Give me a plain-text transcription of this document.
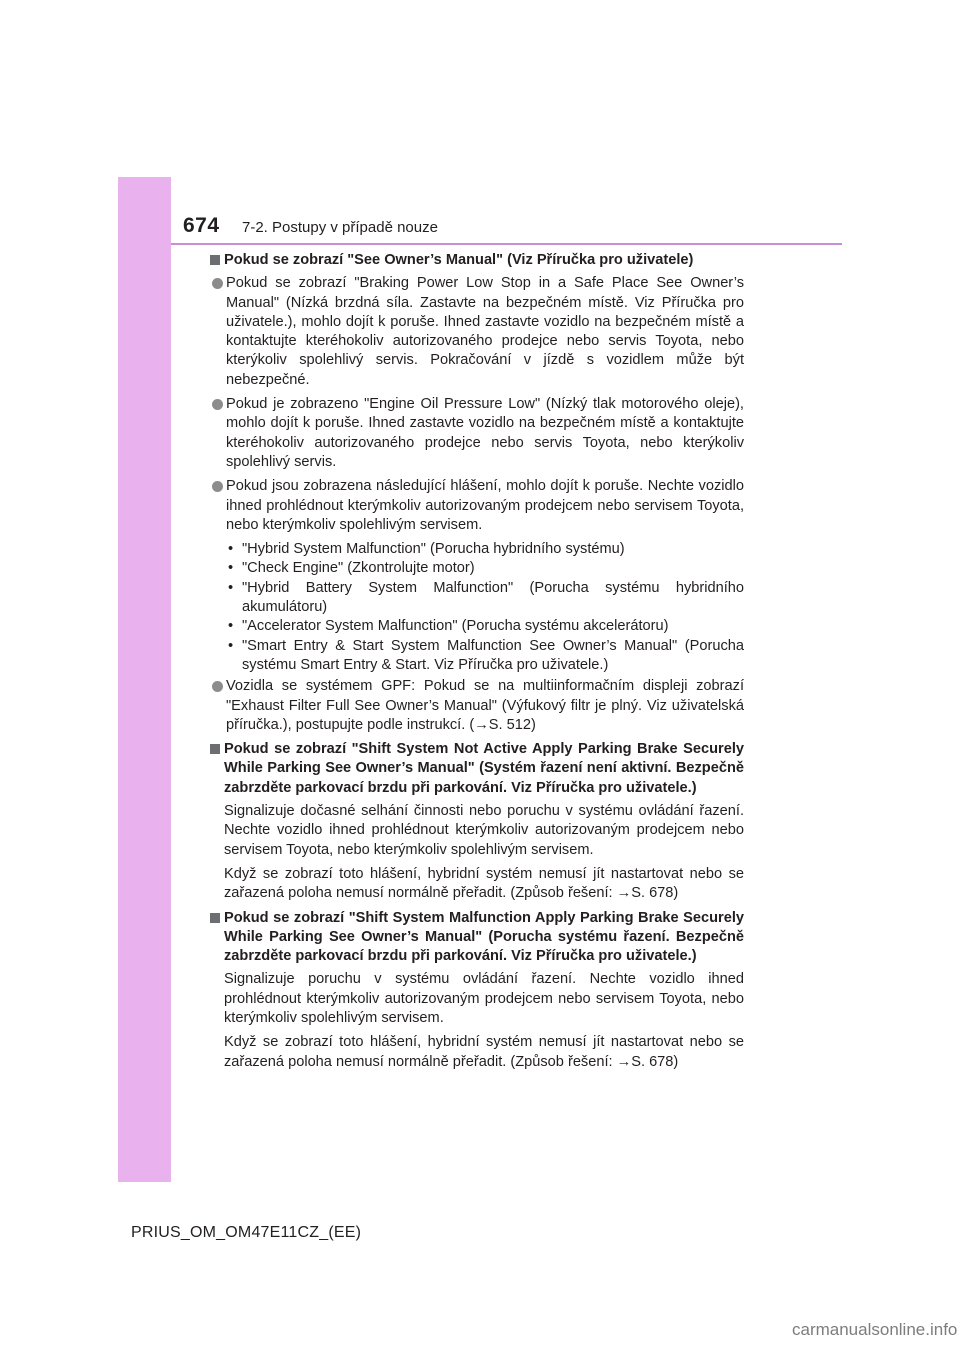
674 7-2. Postupy v případě nouze
Pokud se zobrazí "See Owner’s Manual" (Viz Příručka pro uživatele)
Pokud se zobrazí "Braking Power Low Stop in a Safe Place See Owner’s Manual" (Nízká brzdná síla. Zastavte na bezpečném místě. Viz Příručka pro uživatele.), mohlo dojít k poruše. Ihned zastavte vozidlo na bezpečném místě a kontaktujte kteréhokoliv autorizovaného prodejce nebo servis Toyota, nebo kterýkoliv spolehlivý servis. Pokračování v jízdě s vozidlem může být nebezpečné.
Pokud je zobrazeno "Engine Oil Pressure Low" (Nízký tlak motorového oleje), mohlo dojít k poruše. Ihned zastavte vozidlo na bezpečném místě a kontaktujte kteréhokoliv autorizovaného prodejce nebo servis Toyota, nebo kterýkoliv spolehlivý servis.
Pokud jsou zobrazena následující hlášení, mohlo dojít k poruše. Nechte vozidlo ihned prohlédnout kterýmkoliv autorizovaným prodejcem nebo servisem Toyota, nebo kterýmkoliv spolehlivým servisem.
• "Hybrid System Malfunction" (Porucha hybridního systému)
• "Check Engine" (Zkontrolujte motor)
• "Hybrid Battery System Malfunction" (Porucha systému hybridního akumulátoru)
• "Accelerator System Malfunction" (Porucha systému akcelerátoru)
• "Smart Entry & Start System Malfunction See Owner’s Manual" (Porucha systému Smart Entry & Start. Viz Příručka pro uživatele.)
Vozidla se systémem GPF: Pokud se na multiinformačním displeji zobrazí "Exhaust Filter Full See Owner’s Manual" (Výfukový filtr je plný. Viz uživatelská příručka.), postupujte podle instrukcí. (→S. 512)
Pokud se zobrazí "Shift System Not Active Apply Parking Brake Securely While Parking See Owner’s Manual" (Systém řazení není aktivní. Bezpečně zabrzděte parkovací brzdu při parkování. Viz Příručka pro uživatele.)
Signalizuje dočasné selhání činnosti nebo poruchu v systému ovládání řazení. Nechte vozidlo ihned prohlédnout kterýmkoliv autorizovaným prodejcem nebo servisem Toyota, nebo kterýmkoliv spolehlivým servisem.
Když se zobrazí toto hlášení, hybridní systém nemusí jít nastartovat nebo se zařazená poloha nemusí normálně přeřadit. (Způsob řešení: →S. 678)
Pokud se zobrazí "Shift System Malfunction Apply Parking Brake Securely While Parking See Owner’s Manual" (Porucha systému řazení. Bezpečně zabrzděte parkovací brzdu při parkování. Viz Příručka pro uživatele.)
Signalizuje poruchu v systému ovládání řazení. Nechte vozidlo ihned prohlédnout kterýmkoliv autorizovaným prodejcem nebo servisem Toyota, nebo kterýmkoliv spolehlivým servisem.
Když se zobrazí toto hlášení, hybridní systém nemusí jít nastartovat nebo se zařazená poloha nemusí normálně přeřadit. (Způsob řešení: →S. 678)
PRIUS_OM_OM47E11CZ_(EE)
carmanualsonline.info
